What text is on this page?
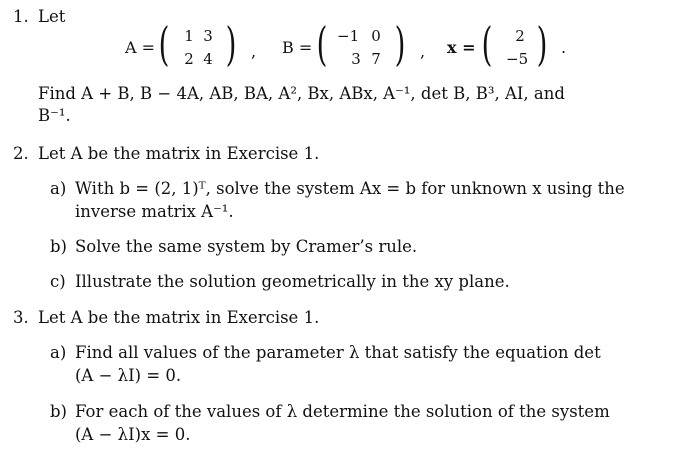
1. Let
A = ( 1 3
2 4 ) , B = ( −1 0
3 7 ) , x = (	2
−5 ) .
Find A + B, B − 4A, AB, BA, A², Bx, ABx, A⁻¹, det B, B³, AI, and
B⁻¹.
2. Let A be the matrix in Exercise 1.
a) With b = (2, 1)ᵀ, solve the system Ax = b for unknown x using the
inverse matrix A⁻¹.
b) Solve the same system by Cramer’s rule.
c) Illustrate the solution geometrically in the xy plane.
3. Let A be the matrix in Exercise 1.
a) Find all values of the parameter λ that satisfy the equation det
(A − λI) = 0.
b) For each of the values of λ determine the solution of the system
(A − λI)x = 0.
